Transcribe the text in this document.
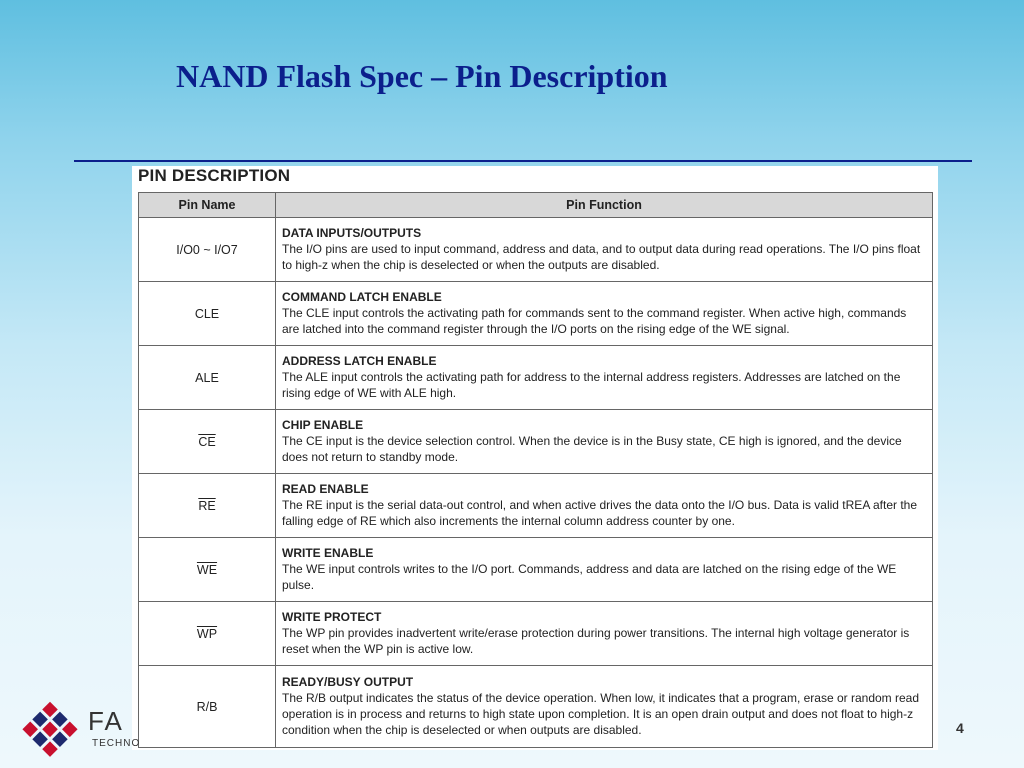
NAND Flash Spec – Pin Description
PIN DESCRIPTION
Pin Name	Pin Function
I/O0 ~ I/O7	DATA INPUTS/OUTPUTS
The I/O pins are used to input command, address and data, and to output data during read operations. The I/O pins float to high-z when the chip is deselected or when the outputs are disabled.

CLE	COMMAND LATCH ENABLE
The CLE input controls the activating path for commands sent to the command register. When active high, commands are latched into the command register through the I/O ports on the rising edge of the WE signal.

ALE	ADDRESS LATCH ENABLE
The ALE input controls the activating path for address to the internal address registers. Addresses are latched on the rising edge of WE with ALE high.

$\overline{CE}$	CHIP ENABLE
The CE input is the device selection control. When the device is in the Busy state, CE high is ignored, and the device does not return to standby mode.

$\overline{RE}$	READ ENABLE
The RE input is the serial data-out control, and when active drives the data onto the I/O bus. Data is valid tREA after the falling edge of RE which also increments the internal column address counter by one.

$\overline{WE}$	WRITE ENABLE
The WE input controls writes to the I/O port. Commands, address and data are latched on the rising edge of the WE pulse.

$\overline{WP}$	WRITE PROTECT
The WP pin provides inadvertent write/erase protection during power transitions. The internal high voltage generator is reset when the WP pin is active low.

R/B	READY/BUSY OUTPUT
The R/B output indicates the status of the device operation. When low, it indicates that a program, erase or random read operation is in process and returns to high state upon completion. It is an open drain output and does not float to high-z condition when the chip is deselected or when outputs are disabled.
FA
TECHNO
4
